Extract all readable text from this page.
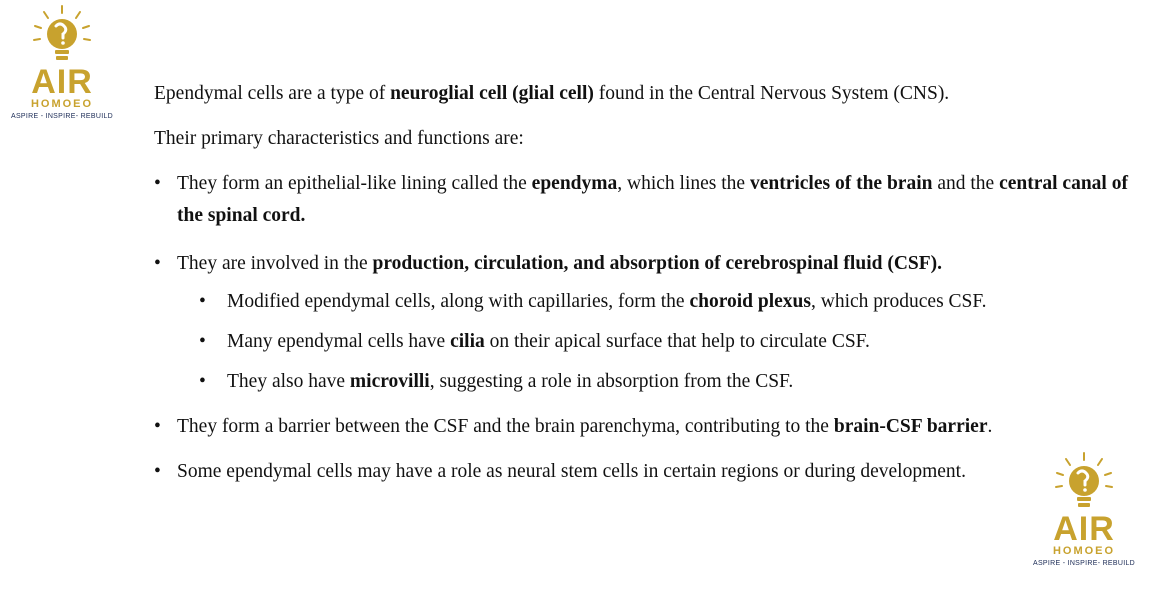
AIR
HOMOEO
ASPIRE - INSPIRE- REBUILD

Ependymal cells are a type of neuroglial cell (glial cell) found in the Central Nervous System (CNS).

Their primary characteristics and functions are:

• They form an epithelial-like lining called the ependyma, which lines the ventricles of the brain and the central canal of the spinal cord.
• They are involved in the production, circulation, and absorption of cerebrospinal fluid (CSF).
• Modified ependymal cells, along with capillaries, form the choroid plexus, which produces CSF.
• Many ependymal cells have cilia on their apical surface that help to circulate CSF.
• They also have microvilli, suggesting a role in absorption from the CSF.
• They form a barrier between the CSF and the brain parenchyma, contributing to the brain-CSF barrier.
• Some ependymal cells may have a role as neural stem cells in certain regions or during development.
AIR
HOMOEO
ASPIRE - INSPIRE- REBUILD
